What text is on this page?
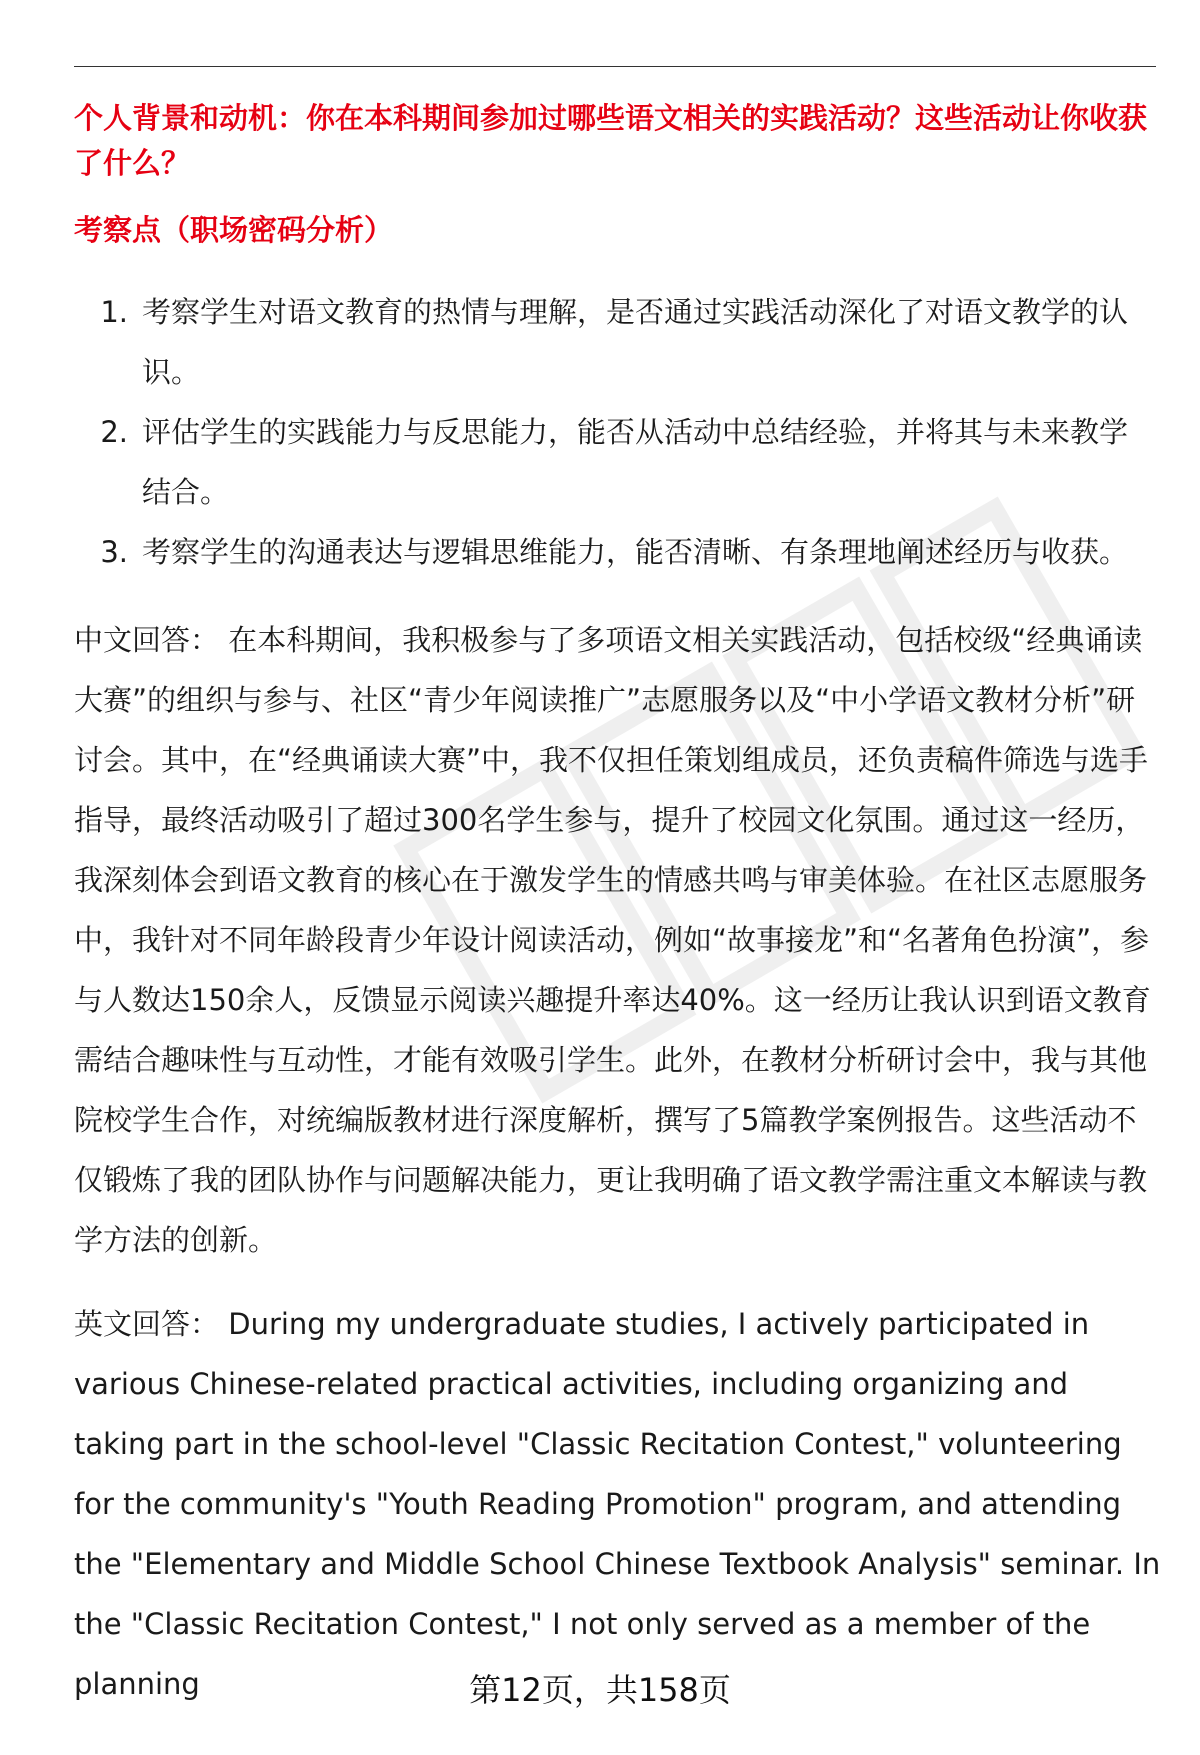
个人背景和动机：你在本科期间参加过哪些语文相关的实践活动？这些活动让你收获了什么？
考察点（职场密码分析）
1. 考察学生对语文教育的热情与理解，是否通过实践活动深化了对语文教学的认识。
2. 评估学生的实践能力与反思能力，能否从活动中总结经验，并将其与未来教学结合。
3. 考察学生的沟通表达与逻辑思维能力，能否清晰、有条理地阐述经历与收获。
中文回答： 在本科期间，我积极参与了多项语文相关实践活动，包括校级“经典诵读大赛”的组织与参与、社区“青少年阅读推广”志愿服务以及“中小学语文教材分析”研讨会。其中，在“经典诵读大赛”中，我不仅担任策划组成员，还负责稿件筛选与选手指导，最终活动吸引了超过300名学生参与，提升了校园文化氛围。通过这一经历，我深刻体会到语文教育的核心在于激发学生的情感共鸣与审美体验。在社区志愿服务中，我针对不同年龄段青少年设计阅读活动，例如“故事接龙”和“名著角色扮演”，参与人数达150余人，反馈显示阅读兴趣提升率达40%。这一经历让我认识到语文教育需结合趣味性与互动性，才能有效吸引学生。此外，在教材分析研讨会中，我与其他院校学生合作，对统编版教材进行深度解析，撰写了5篇教学案例报告。这些活动不仅锻炼了我的团队协作与问题解决能力，更让我明确了语文教学需注重文本解读与教学方法的创新。
英文回答： During my undergraduate studies, I actively participated in various Chinese-related practical activities, including organizing and taking part in the school-level "Classic Recitation Contest," volunteering for the community's "Youth Reading Promotion" program, and attending the "Elementary and Middle School Chinese Textbook Analysis" seminar. In the "Classic Recitation Contest," I not only served as a member of the planning	第12页，共158页
